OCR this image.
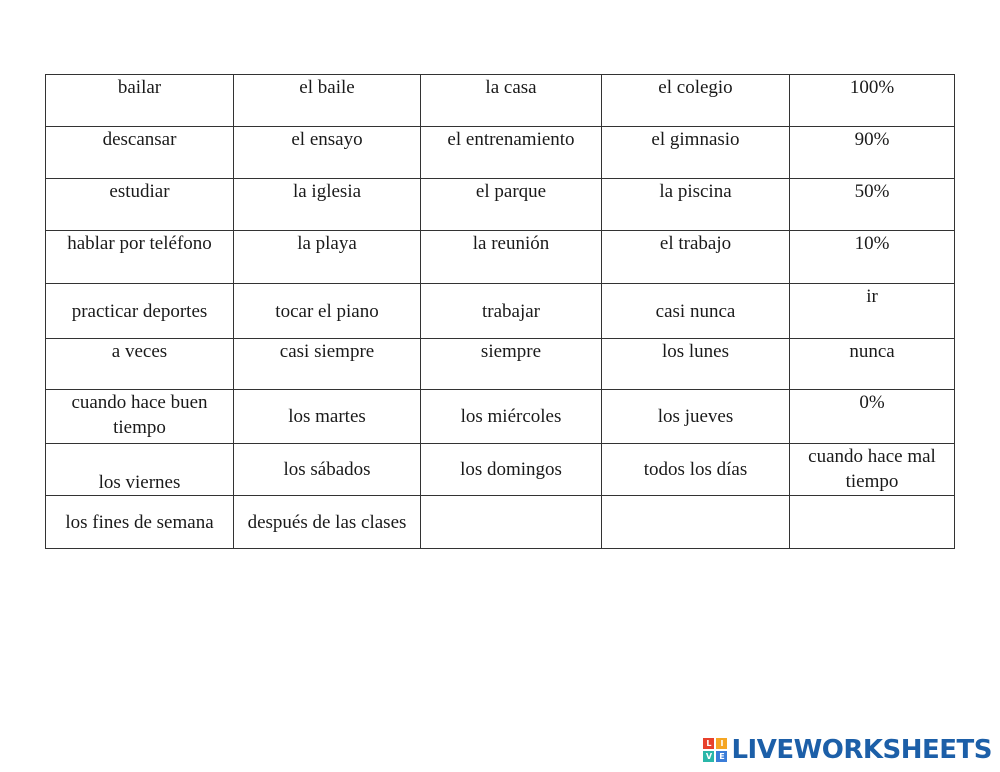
bailar	el baile	la casa	el colegio	100%
descansar	el ensayo	el entrenamiento	el gimnasio	90%
estudiar	la iglesia	el parque	la piscina	50%
hablar por teléfono	la playa	la reunión	el trabajo	10%
practicar deportes	tocar el piano	trabajar	casi nunca	ir
a veces	casi siempre	siempre	los lunes	nunca
cuando hace buen tiempo	los martes	los miércoles	los jueves	0%
los viernes	los sábados	los domingos	todos los días	cuando hace mal tiempo
los fines de semana	después de las clases			
L	I
V E LIVEWORKSHEETS
